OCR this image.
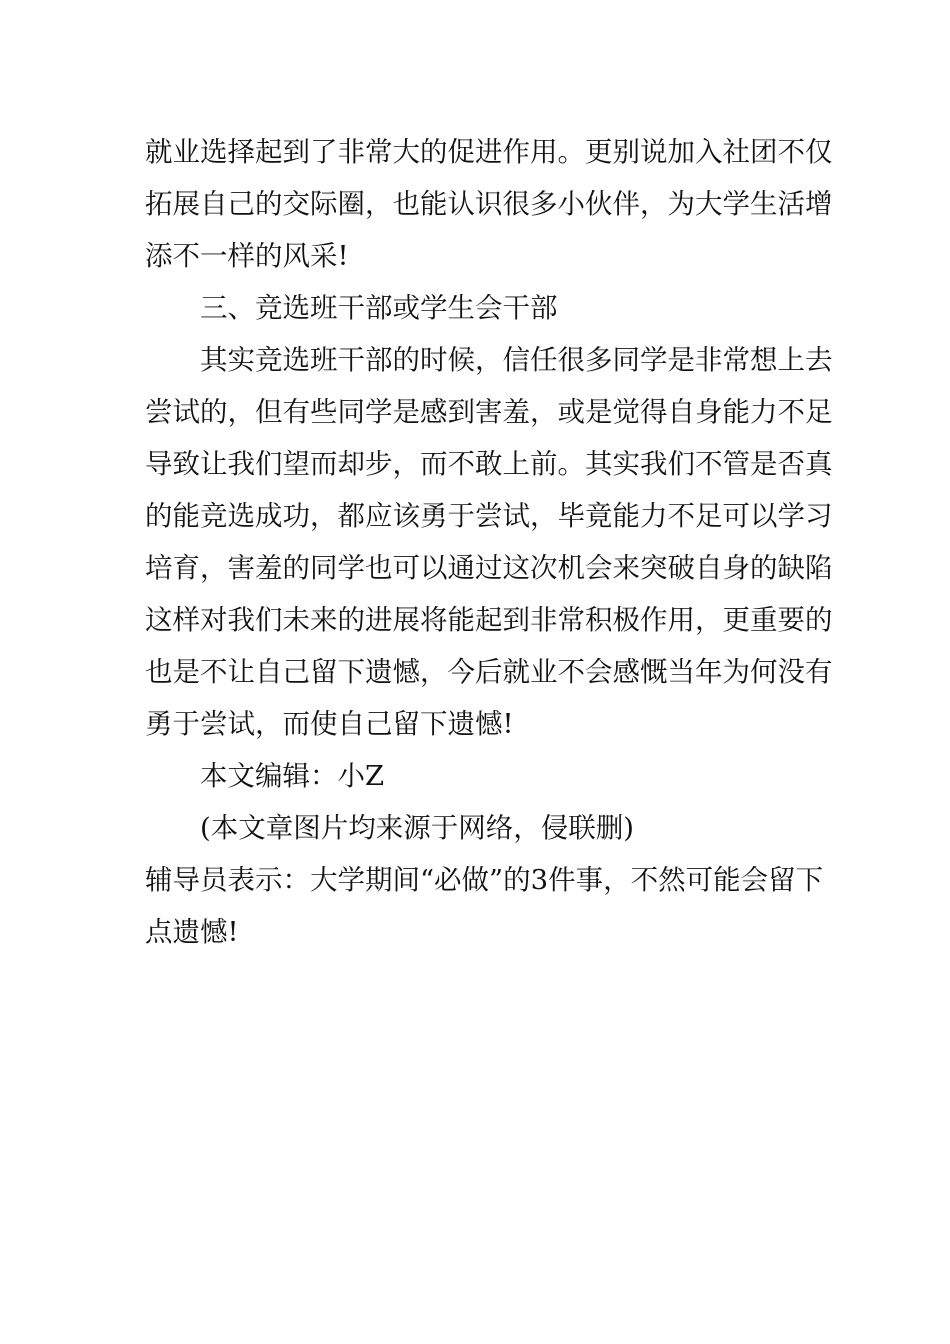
就业选择起到了非常大的促进作用。更别说加入社团不仅
拓展自己的交际圈，也能认识很多小伙伴，为大学生活增
添不一样的风采!
三、竞选班干部或学生会干部
其实竞选班干部的时候，信任很多同学是非常想上去
尝试的，但有些同学是感到害羞，或是觉得自身能力不足
导致让我们望而却步，而不敢上前。其实我们不管是否真
的能竞选成功，都应该勇于尝试，毕竟能力不足可以学习
培育，害羞的同学也可以通过这次机会来突破自身的缺陷
这样对我们未来的进展将能起到非常积极作用，更重要的
也是不让自己留下遗憾，今后就业不会感慨当年为何没有
勇于尝试，而使自己留下遗憾!
本文编辑：小Z
(本文章图片均来源于网络，侵联删)
辅导员表示：大学期间“必做”的3件事，不然可能会留下
点遗憾!
